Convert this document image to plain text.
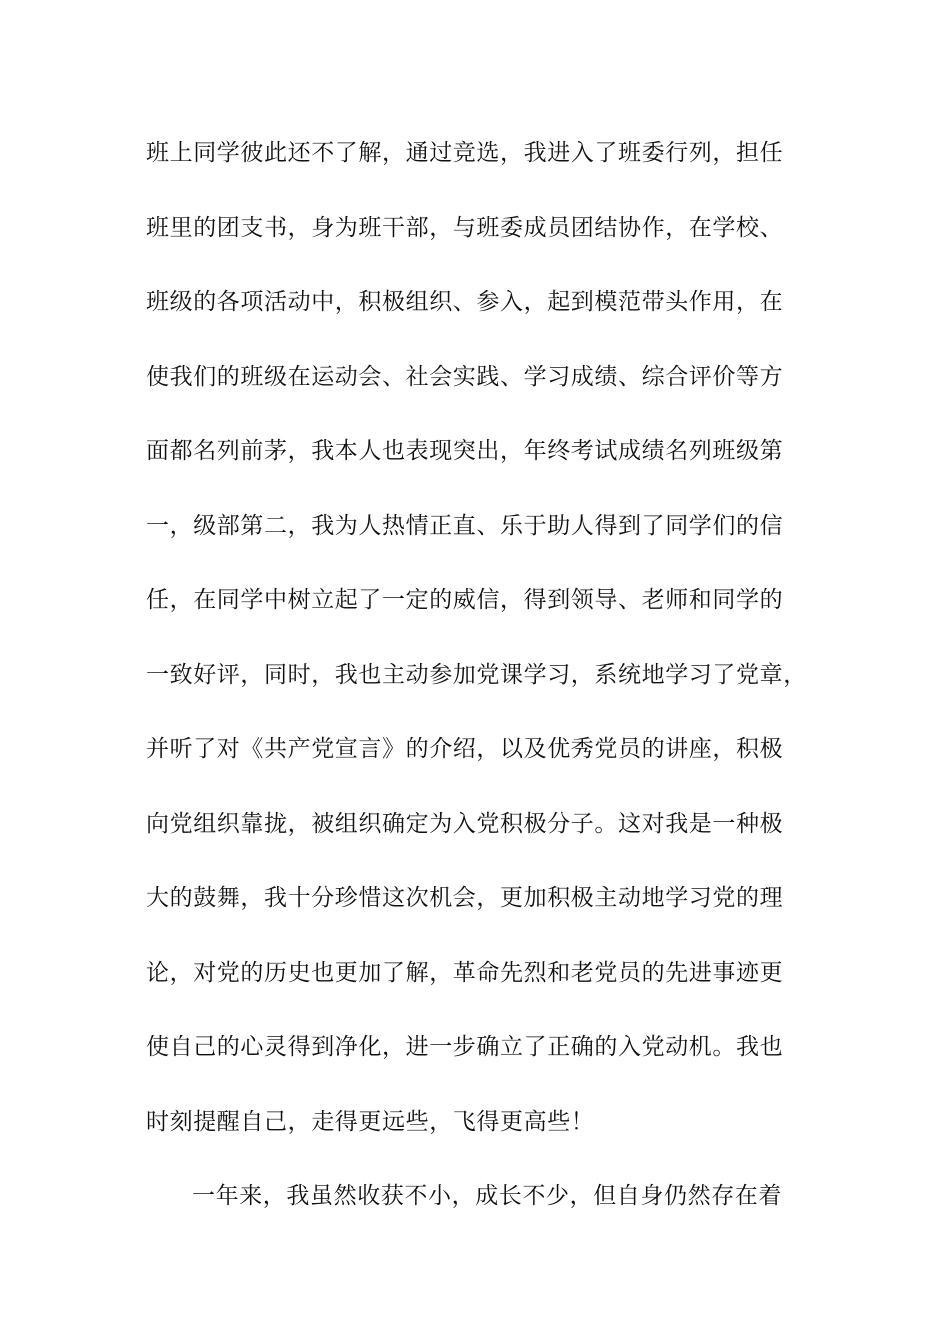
班上同学彼此还不了解，通过竞选，我进入了班委行列，担任
班里的团支书，身为班干部，与班委成员团结协作，在学校、
班级的各项活动中，积极组织、参入，起到模范带头作用，在
使我们的班级在运动会、社会实践、学习成绩、综合评价等方
面都名列前茅，我本人也表现突出，年终考试成绩名列班级第
一，级部第二，我为人热情正直、乐于助人得到了同学们的信
任，在同学中树立起了一定的威信，得到领导、老师和同学的
一致好评，同时，我也主动参加党课学习，系统地学习了党章，
并听了对《共产党宣言》的介绍，以及优秀党员的讲座，积极
向党组织靠拢，被组织确定为入党积极分子。这对我是一种极
大的鼓舞，我十分珍惜这次机会，更加积极主动地学习党的理
论，对党的历史也更加了解，革命先烈和老党员的先进事迹更
使自己的心灵得到净化，进一步确立了正确的入党动机。我也
时刻提醒自己，走得更远些，飞得更高些！
一年来，我虽然收获不小，成长不少，但自身仍然存在着
